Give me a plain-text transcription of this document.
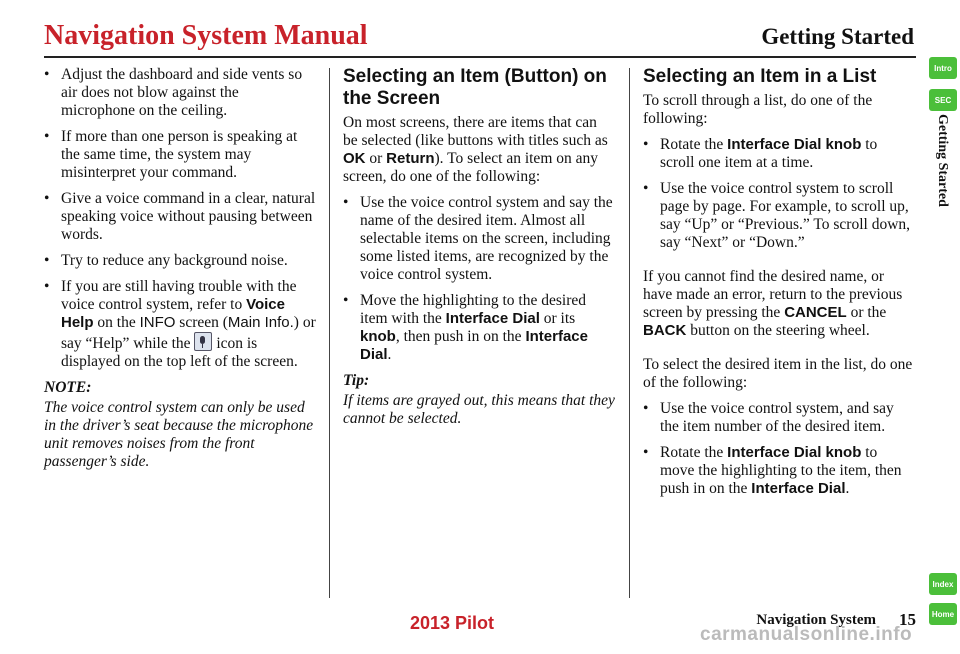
Navigation System Manual	Getting Started

• Adjust the dashboard and side vents so air does not blow against the microphone on the ceiling.

• If more than one person is speaking at the same time, the system may misinterpret your command.

• Give a voice command in a clear, natural speaking voice without pausing between words.

• Try to reduce any background noise.

• If you are still having trouble with the voice control system, refer to Voice Help on the INFO screen (Main Info.) or say “Help” while the  icon is displayed on the top left of the screen.

NOTE:

The voice control system can only be used in the driver’s seat because the microphone unit removes noises from the front passenger’s side.

Selecting an Item (Button) on the Screen

On most screens, there are items that can be selected (like buttons with titles such as OK or Return). To select an item on any screen, do one of the following:

• Use the voice control system and say the name of the desired item. Almost all selectable items on the screen, including some listed items, are recognized by the voice control system.

• Move the highlighting to the desired item with the Interface Dial or its knob, then push in on the Interface Dial.

Tip:

If items are grayed out, this means that they cannot be selected.

Selecting an Item in a List

To scroll through a list, do one of the following:

• Rotate the Interface Dial knob to scroll one item at a time.

• Use the voice control system to scroll page by page. For example, to scroll up, say “Up” or “Previous.” To scroll down, say “Next” or “Down.”

If you cannot find the desired name, or have made an error, return to the previous screen by pressing the CANCEL or the BACK button on the steering wheel.

To select the desired item in the list, do one of the following:

• Use the voice control system, and say the item number of the desired item.

• Rotate the Interface Dial knob to move the highlighting to the item, then push in on the Interface Dial.

Intro
SEC
Getting Started
Index
Home
2013 Pilot	Navigation System 15
carmanualsonline.info
